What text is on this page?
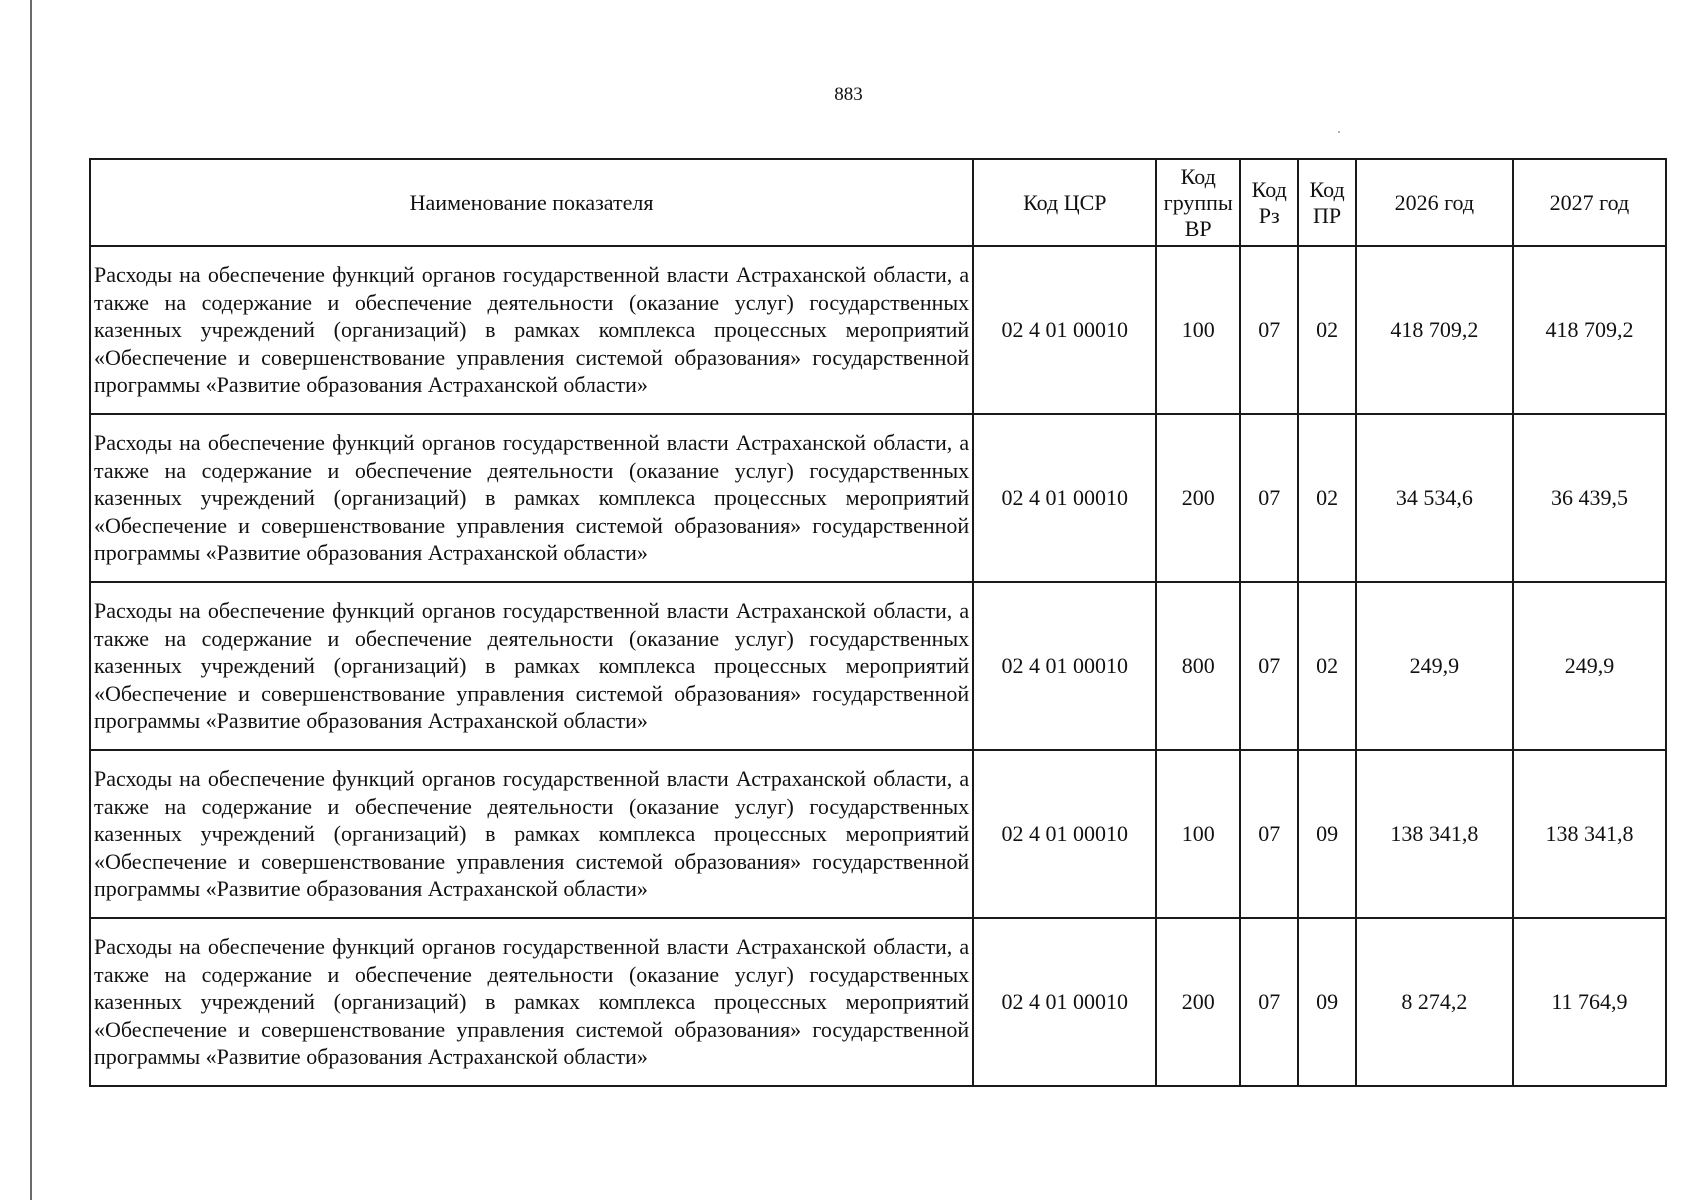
883
Наименование показателя	Код ЦСР	Код группы ВР	Код Рз	Код ПР	2026 год	2027 год
Расходы на обеспечение функций органов государственной власти Астраханской области, а также на содержание и обеспечение деятельности (оказание услуг) государственных казенных учреждений (организаций) в рамках комплекса процессных мероприятий «Обеспечение и совершенствование управления системой образования» государственной программы «Развитие образования Астраханской области»	02 4 01 00010	100	07	02	418 709,2	418 709,2
Расходы на обеспечение функций органов государственной власти Астраханской области, а также на содержание и обеспечение деятельности (оказание услуг) государственных казенных учреждений (организаций) в рамках комплекса процессных мероприятий «Обеспечение и совершенствование управления системой образования» государственной программы «Развитие образования Астраханской области»	02 4 01 00010	200	07	02	34 534,6	36 439,5
Расходы на обеспечение функций органов государственной власти Астраханской области, а также на содержание и обеспечение деятельности (оказание услуг) государственных казенных учреждений (организаций) в рамках комплекса процессных мероприятий «Обеспечение и совершенствование управления системой образования» государственной программы «Развитие образования Астраханской области»	02 4 01 00010	800	07	02	249,9	249,9
Расходы на обеспечение функций органов государственной власти Астраханской области, а также на содержание и обеспечение деятельности (оказание услуг) государственных казенных учреждений (организаций) в рамках комплекса процессных мероприятий «Обеспечение и совершенствование управления системой образования» государственной программы «Развитие образования Астраханской области»	02 4 01 00010	100	07	09	138 341,8	138 341,8
Расходы на обеспечение функций органов государственной власти Астраханской области, а также на содержание и обеспечение деятельности (оказание услуг) государственных казенных учреждений (организаций) в рамках комплекса процессных мероприятий «Обеспечение и совершенствование управления системой образования» государственной программы «Развитие образования Астраханской области»	02 4 01 00010	200	07	09	8 274,2	11 764,9
